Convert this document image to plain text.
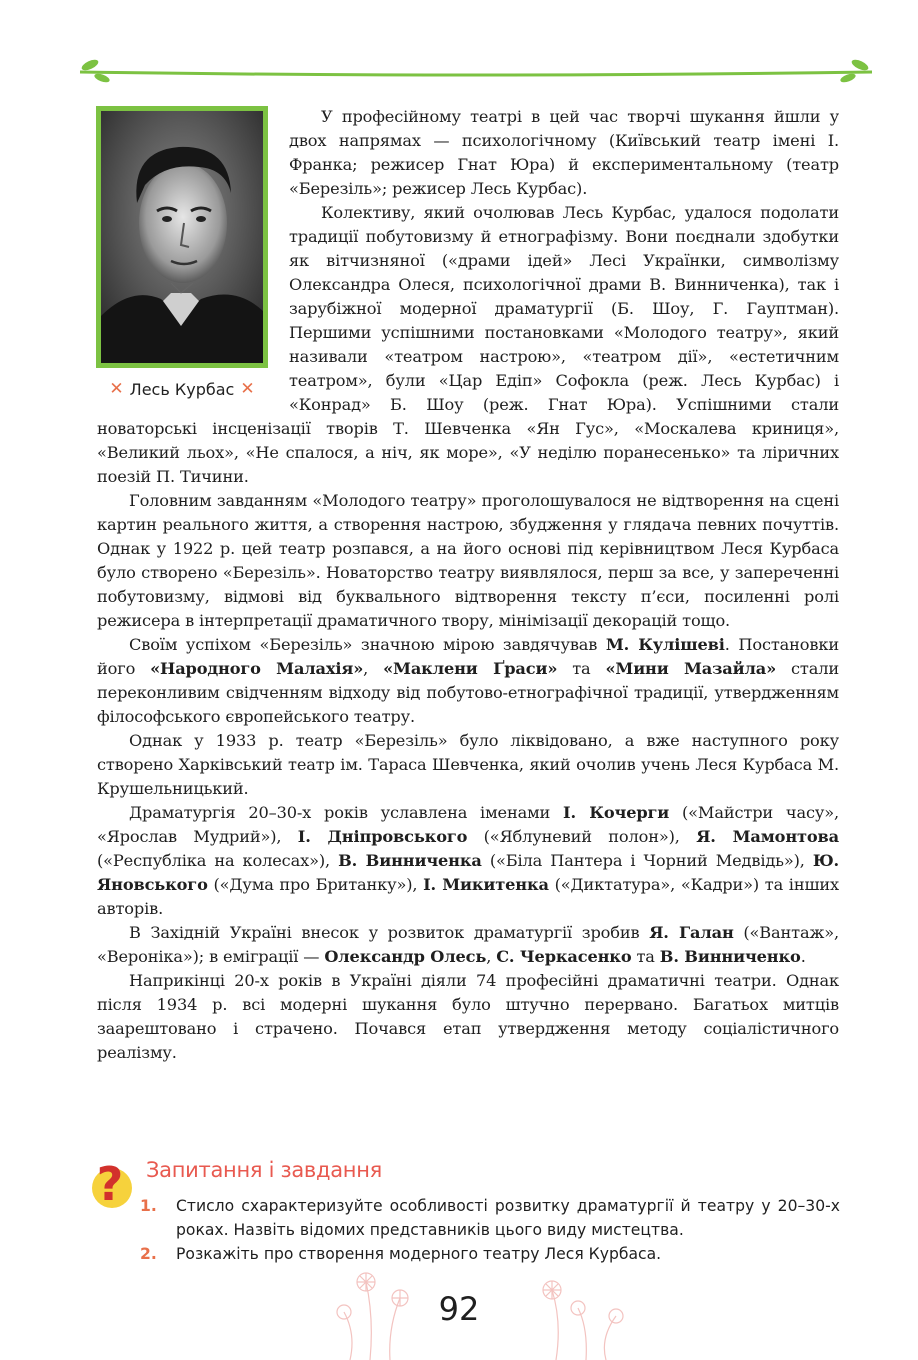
✕ Лесь Курбас ✕

У професійному театрі в цей час творчі шукання йшли у двох напрямах — психологічному (Київський театр імені І. Франка; режисер Гнат Юра) й експериментальному (театр «Березіль»; режисер Лесь Курбас).

Колективу, який очолював Лесь Курбас, удалося подолати традиції побутовизму й етнографізму. Вони поєднали здобутки як вітчизняної («драми ідей» Лесі Українки, символізму Олександра Олеся, психологічної драми В. Винниченка), так і зарубіжної модерної драматургії (Б. Шоу, Г. Гауптман). Першими успішними постановками «Молодого театру», який називали «театром настрою», «театром дії», «естетичним театром», були «Цар Едіп» Софокла (реж. Лесь Курбас) і «Конрад» Б. Шоу (реж. Гнат Юра). Успішними стали новаторські інсценізації творів Т. Шевченка «Ян Гус», «Москалева криниця», «Великий льох», «Не спалося, а ніч, як море», «У неділю поранесенько» та ліричних поезій П. Тичини.

Головним завданням «Молодого театру» проголошувалося не відтворення на сцені картин реального життя, а створення настрою, збудження у глядача певних почуттів. Однак у 1922 р. цей театр розпався, а на його основі під керівництвом Леся Курбаса було створено «Березіль». Новаторство театру виявлялося, перш за все, у запереченні побутовизму, відмові від буквального відтворення тексту п’єси, посиленні ролі режисера в інтерпретації драматичного твору, мінімізації декорацій тощо.

Своїм успіхом «Березіль» значною мірою завдячував М. Кулішеві. Постановки його «Народного Малахія», «Маклени Ґраси» та «Мини Мазайла» стали переконливим свідченням відходу від побутово-етнографічної традиції, утвердженням філософського європейського театру.

Однак у 1933 р. театр «Березіль» було ліквідовано, а вже наступного року створено Харківський театр ім. Тараса Шевченка, який очолив учень Леся Курбаса М. Крушельницький.

Драматургія 20–30-х років уславлена іменами І. Кочерги («Майстри часу», «Ярослав Мудрий»), І. Дніпровського («Яблуневий полон»), Я. Мамонтова («Республіка на колесах»), В. Винниченка («Біла Пантера і Чорний Медвідь»), Ю. Яновського («Дума про Британку»), І. Микитенка («Диктатура», «Кадри») та інших авторів.

В Західній Україні внесок у розвиток драматургії зробив Я. Галан («Вантаж», «Вероніка»); в еміграції — Олександр Олесь, С. Черкасенко та В. Винниченко.

Наприкінці 20-х років в Україні діяли 74 професійні драматичні театри. Однак після 1934 р. всі модерні шукання було штучно перервано. Багатьох митців заарештовано і страчено. Почався етап утвердження методу соціалістичного реалізму.

? Запитання і завдання
1. Стисло схарактеризуйте особливості розвитку драматургії й театру у 20–30-х роках. Назвіть відомих представників цього виду мистецтва.
2. Розкажіть про створення модерного театру Леся Курбаса.
92
